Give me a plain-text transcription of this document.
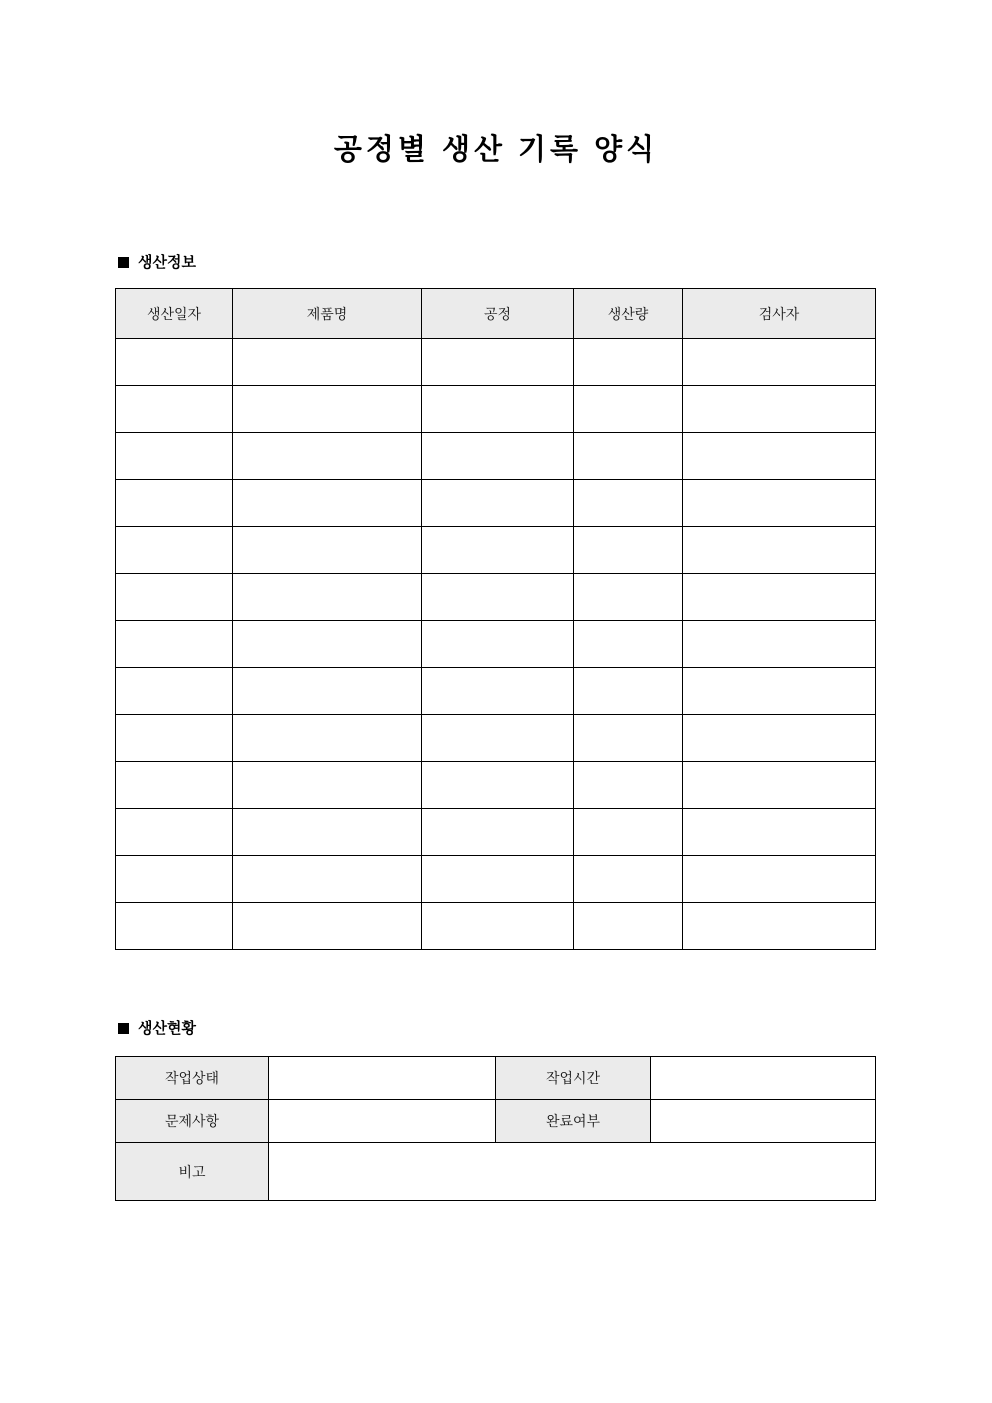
공정별 생산 기록 양식
생산정보
생산일자	제품명	공정	생산량	검사자

생산현황
작업상태		작업시간	
문제사항		완료여부	
비고			
